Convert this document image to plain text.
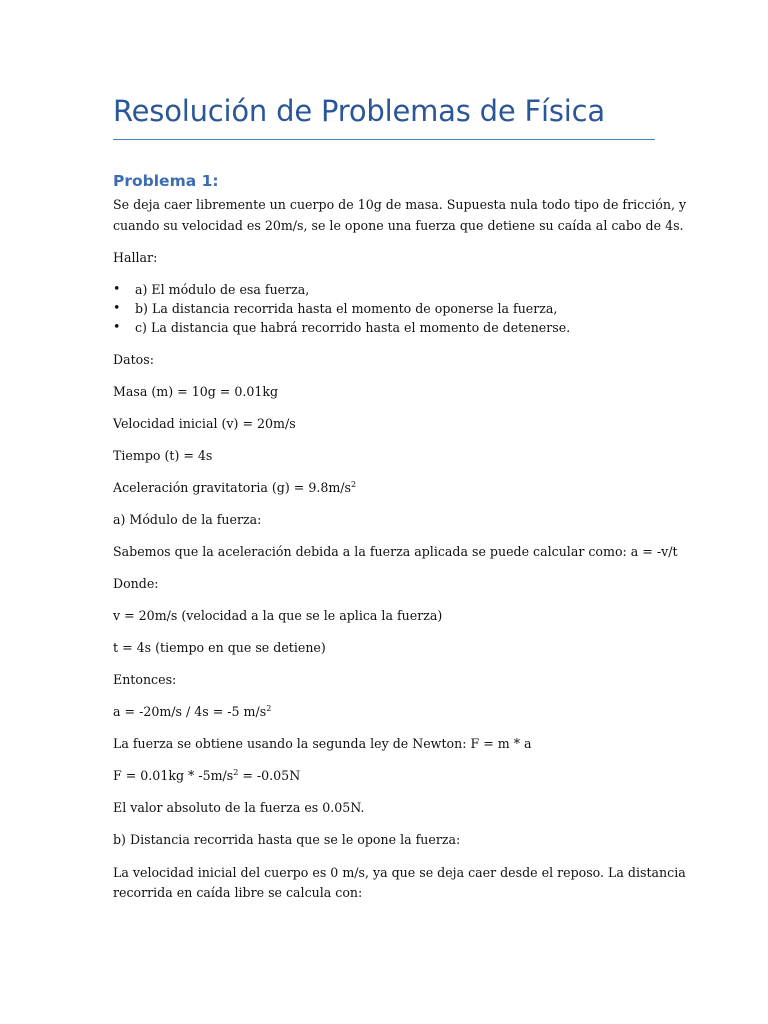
Resolución de Problemas de Física
Problema 1:
Se deja caer libremente un cuerpo de 10g de masa. Supuesta nula todo tipo de fricción, y
cuando su velocidad es 20m/s, se le opone una fuerza que detiene su caída al cabo de 4s.
Hallar:
• a) El módulo de esa fuerza,
• b) La distancia recorrida hasta el momento de oponerse la fuerza,
• c) La distancia que habrá recorrido hasta el momento de detenerse.
Datos:
Masa (m) = 10g = 0.01kg
Velocidad inicial (v) = 20m/s
Tiempo (t) = 4s
Aceleración gravitatoria $(g) = 9.8m/s^2$
a) Módulo de la fuerza:
Sabemos que la aceleración debida a la fuerza aplicada se puede calcular como: a = -v/t
Donde:
v = 20m/s (velocidad a la que se le aplica la fuerza)
t = 4s (tiempo en que se detiene)
Entonces:
a = -20m/s / 4s = -5 $m/s^2$
La fuerza se obtiene usando la segunda ley de Newton: F = m * a
$F = 0.01kg * -5m/s^2 = -0.05N$
El valor absoluto de la fuerza es 0.05N.
b) Distancia recorrida hasta que se le opone la fuerza:
La velocidad inicial del cuerpo es 0 m/s, ya que se deja caer desde el reposo. La distancia
recorrida en caída libre se calcula con:
